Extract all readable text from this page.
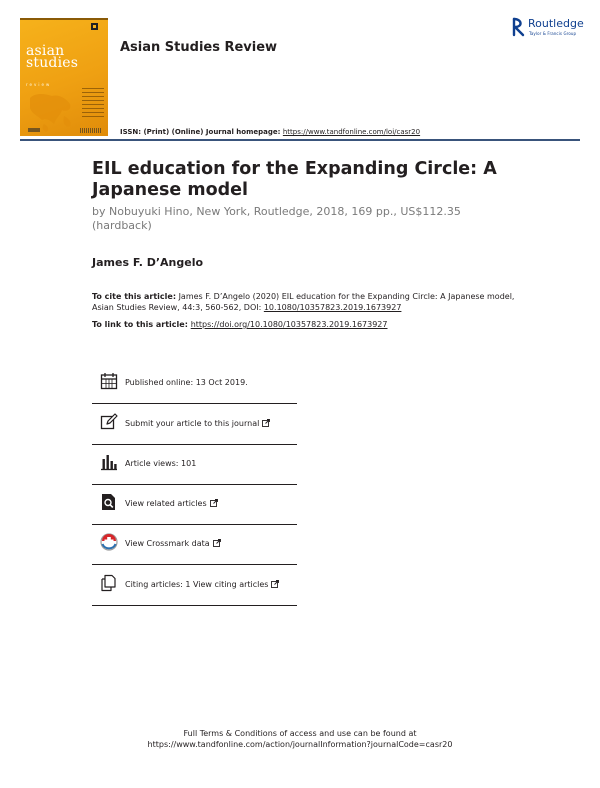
asian
studies
review
Asian Studies Review
Routledge
Taylor & Francis Group
ISSN: (Print) (Online) Journal homepage: https://www.tandfonline.com/loi/casr20
EIL education for the Expanding Circle: A Japanese model
by Nobuyuki Hino, New York, Routledge, 2018, 169 pp., US$112.35 (hardback)
James F. D’Angelo
To cite this article: James F. D’Angelo (2020) EIL education for the Expanding Circle: A Japanese model, Asian Studies Review, 44:3, 560-562, DOI: 10.1080/10357823.2019.1673927
To link to this article: https://doi.org/10.1080/10357823.2019.1673927
Published online: 13 Oct 2019.
Submit your article to this journal
Article views: 101
View related articles
View Crossmark data
Citing articles: 1 View citing articles
Full Terms & Conditions of access and use can be found at
https://www.tandfonline.com/action/journalInformation?journalCode=casr20
